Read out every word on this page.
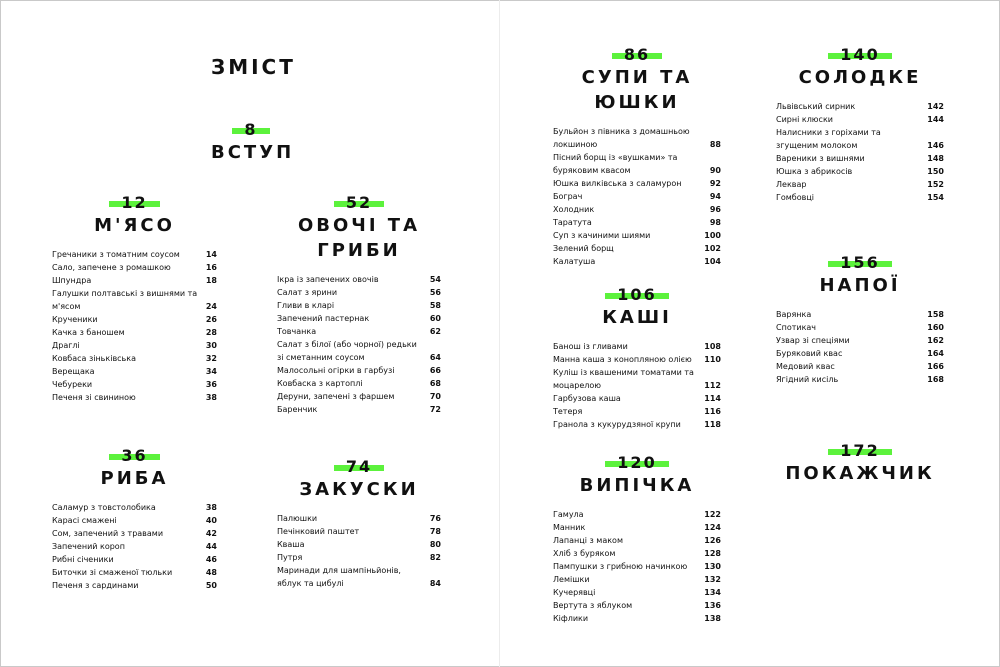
ЗМІСТ
8
ВСТУП
12
М'ЯСО
Гречаники з томатним соусом	14
Сало, запечене з ромашкою	16
Шпундра	18
Галушки полтавські з вишнями та м'ясом	24
Крученики	26
Качка з баношем	28
Драглі	30
Ковбаса зіньківська	32
Верещака	34
Чебуреки	36
Печеня зі свининою	38
52
ОВОЧІ ТА ГРИБИ
Ікра із запечених овочів	54
Салат з ярини	56
Гливи в кларі	58
Запечений пастернак	60
Товчанка	62
Салат з білої (або чорної) редьки зі сметанним соусом	64
Малосольні огірки в гарбузі	66
Ковбаска з картоплі	68
Деруни, запечені з фаршем	70
Баренчик	72
36
РИБА
Саламур з товстолобика	38
Карасі смажені	40
Сом, запечений з травами	42
Запечений короп	44
Рибні січеники	46
Биточки зі смаженої тюльки	48
Печеня з сардинами	50
74
ЗАКУСКИ
Палюшки	76
Печінковий паштет	78
Кваша	80
Путря	82
Маринади для шампіньйонів, яблук та цибулі	84
86
СУПИ ТА ЮШКИ
Бульйон з півника з домашньою локшиною	88
Пісний борщ із «вушками» та буряковим квасом	90
Юшка вилківська з саламурон	92
Бограч	94
Холодник	96
Таратута	98
Суп з качиними шиями	100
Зелений борщ	102
Калатуша	104
106
КАШІ
Банош із гливами	108
Манна каша з конопляною олією	110
Куліш із квашеними томатами та моцарелою	112
Гарбузова каша	114
Тетеря	116
Гранола з кукурудзяної крупи	118
120
ВИПІЧКА
Гамула	122
Манник	124
Лапанці з маком	126
Хліб з буряком	128
Пампушки з грибною начинкою	130
Лемішки	132
Кучерявці	134
Вертута з яблуком	136
Кіфлики	138
140
СОЛОДКЕ
Львівський сирник	142
Сирні клюски	144
Налисники з горіхами та згущеним молоком	146
Вареники з вишнями	148
Юшка з абрикосів	150
Леквар	152
Гомбовці	154
156
НАПОЇ
Варянка	158
Спотикач	160
Узвар зі спеціями	162
Буряковий квас	164
Медовий квас	166
Ягідний кисіль	168
172
ПОКАЖЧИК
